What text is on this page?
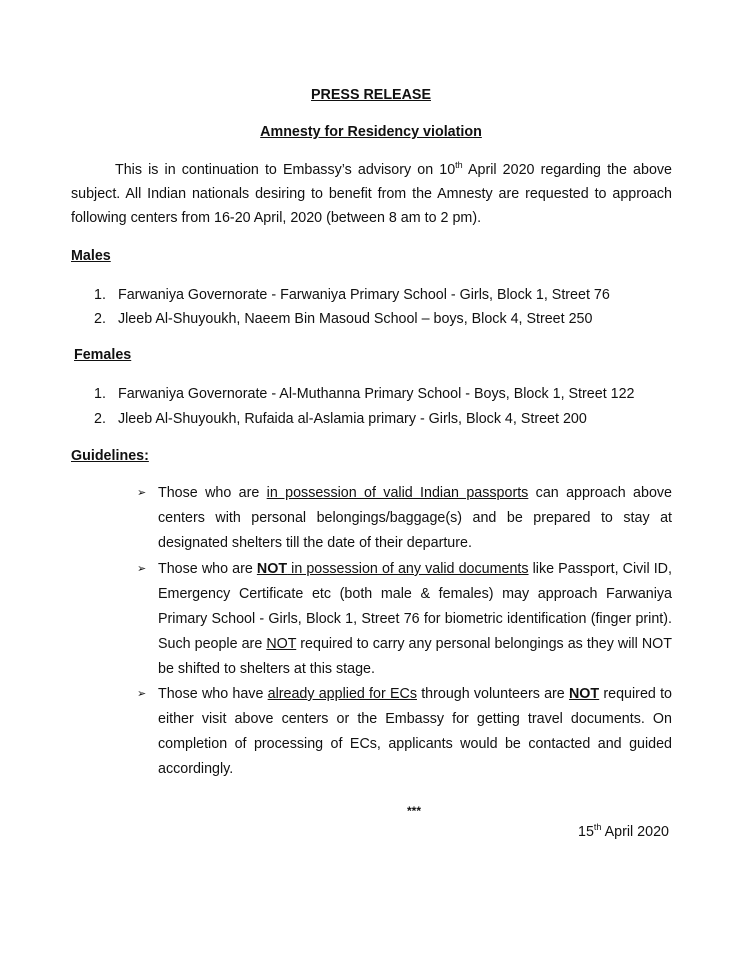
PRESS RELEASE
Amnesty for Residency violation
This is in continuation to Embassy’s advisory on 10th April 2020 regarding the above subject. All Indian nationals desiring to benefit from the Amnesty are requested to approach following centers from 16-20 April, 2020 (between 8 am to 2 pm).
Males
1. Farwaniya Governorate - Farwaniya Primary School - Girls, Block 1, Street 76
2. Jleeb Al-Shuyoukh, Naeem Bin Masoud School – boys, Block 4, Street 250
Females
1. Farwaniya Governorate - Al-Muthanna Primary School - Boys, Block 1, Street 122
2. Jleeb Al-Shuyoukh, Rufaida al-Aslamia primary - Girls, Block 4, Street 200
Guidelines:
➢ Those who are in possession of valid Indian passports can approach above centers with personal belongings/baggage(s) and be prepared to stay at designated shelters till the date of their departure.
➢ Those who are NOT in possession of any valid documents like Passport, Civil ID, Emergency Certificate etc (both male & females) may approach Farwaniya Primary School - Girls, Block 1, Street 76 for biometric identification (finger print). Such people are NOT required to carry any personal belongings as they will NOT be shifted to shelters at this stage.
➢ Those who have already applied for ECs through volunteers are NOT required to either visit above centers or the Embassy for getting travel documents. On completion of processing of ECs, applicants would be contacted and guided accordingly.
***
15th April 2020
